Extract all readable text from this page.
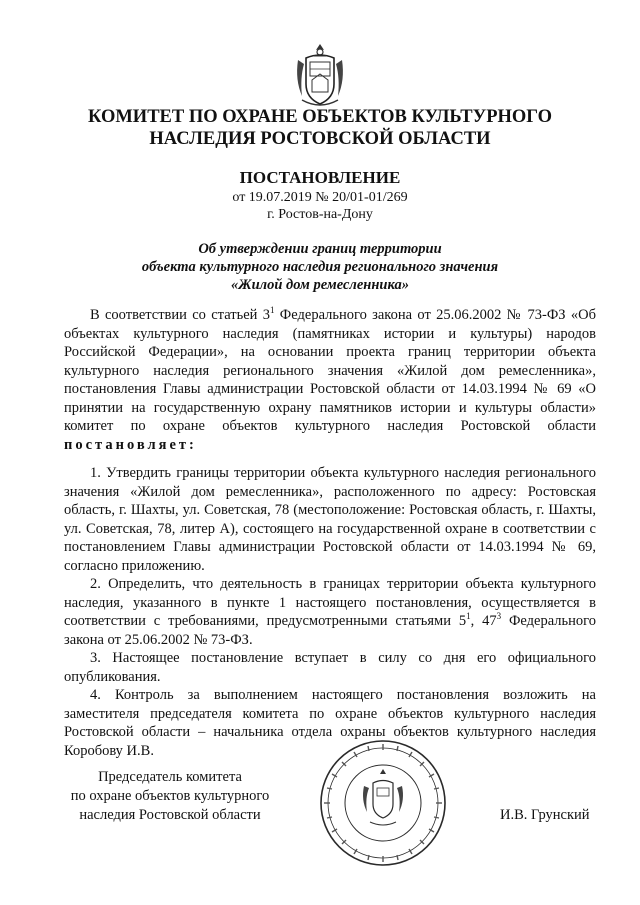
КОМИТЕТ ПО ОХРАНЕ ОБЪЕКТОВ КУЛЬТУРНОГО
НАСЛЕДИЯ РОСТОВСКОЙ ОБЛАСТИ
ПОСТАНОВЛЕНИЕ
от 19.07.2019 № 20/01-01/269
г. Ростов-на-Дону
Об утверждении границ территории
объекта культурного наследия регионального значения
«Жилой дом ремесленника»

В соответствии со статьей $3^1$ Федерального закона от 25.06.2002 № 73-ФЗ «Об объектах культурного наследия (памятниках истории и культуры) народов Российской Федерации», на основании проекта границ территории объекта культурного наследия регионального значения «Жилой дом ремесленника», постановления Главы администрации Ростовской области от 14.03.1994 № 69 «О принятии на государственную охрану памятников истории и культуры области» комитет по охране объектов культурного наследия Ростовской области постановляет:

1. Утвердить границы территории объекта культурного наследия регионального значения «Жилой дом ремесленника», расположенного по адресу: Ростовская область, г. Шахты, ул. Советская, 78 (местоположение: Ростовская область, г. Шахты, ул. Советская, 78, литер А), состоящего на государственной охране в соответствии с постановлением Главы администрации Ростовской области от 14.03.1994 № 69, согласно приложению.

2. Определить, что деятельность в границах территории объекта культурного наследия, указанного в пункте 1 настоящего постановления, осуществляется в соответствии с требованиями, предусмотренными статьями $5^1$, $47^3$ Федерального закона от 25.06.2002 № 73-ФЗ.

3. Настоящее постановление вступает в силу со дня его официального опубликования.

4. Контроль за выполнением настоящего постановления возложить на заместителя председателя комитета по охране объектов культурного наследия Ростовской области – начальника отдела охраны объектов культурного наследия Коробову И.В.

Председатель комитета
по охране объектов культурного
наследия Ростовской области	И.В. Грунский
